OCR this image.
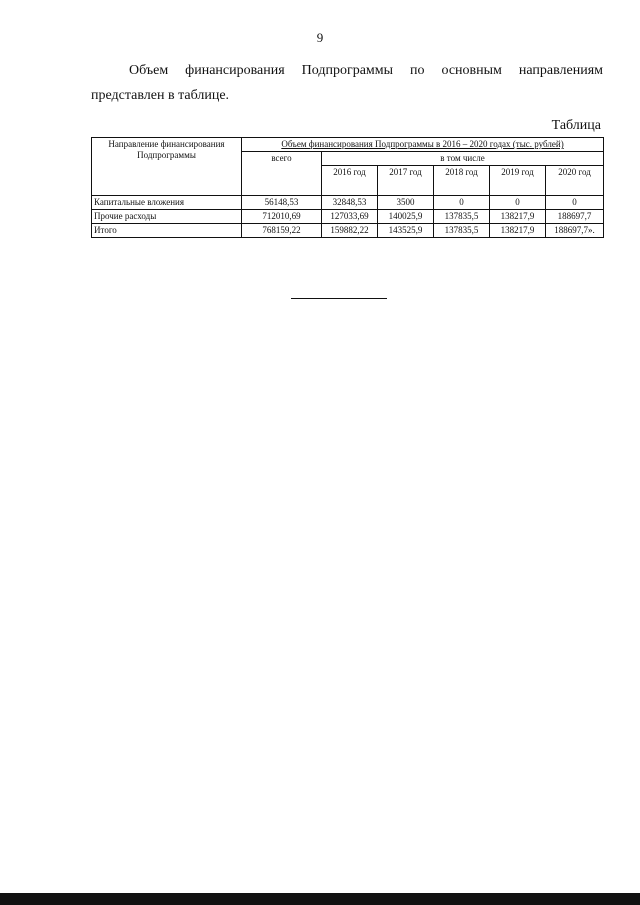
9
Объем финансирования Подпрограммы по основным направлениям
представлен в таблице.
Таблица
Направление финансирования Подпрограммы	Объем финансирования Подпрограммы в 2016 – 2020 годах (тыс. рублей)					
	всего	в том числе				
		2016 год	2017 год	2018 год	2019 год	2020 год
Капитальные вложения	56148,53	32848,53	3500	0	0	0
Прочие расходы	712010,69	127033,69	140025,9	137835,5	138217,9	188697,7
Итого	768159,22	159882,22	143525,9	137835,5	138217,9	188697,7».
